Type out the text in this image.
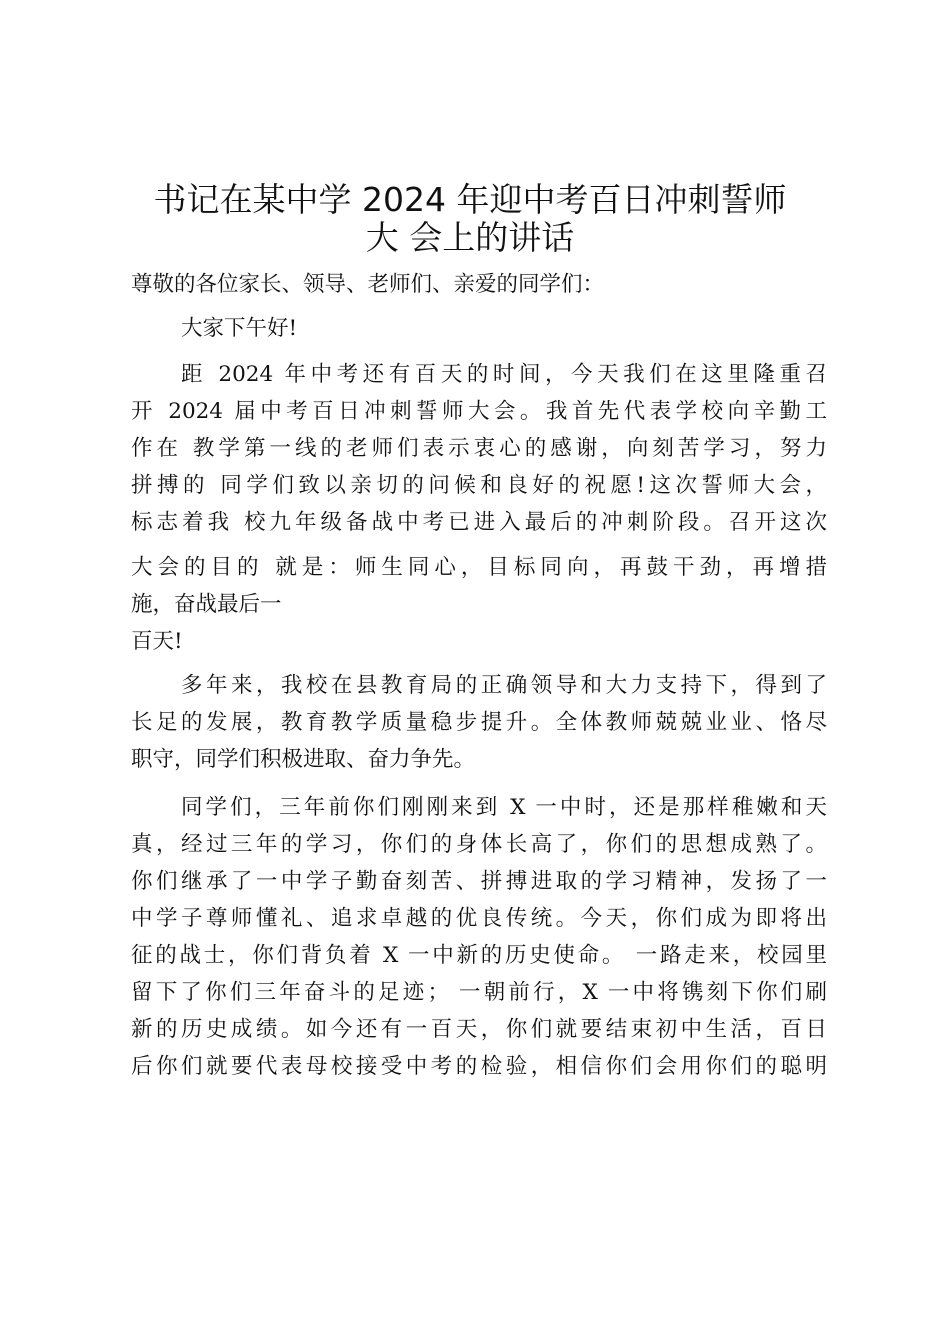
书记在某中学 2024 年迎中考百日冲刺誓师
大 会上的讲话
尊敬的各位家长、领导、老师们、亲爱的同学们：
大家下午好!
距 2024 年中考还有百天的时间，今天我们在这里隆重召
开 2024 届中考百日冲刺誓师大会。我首先代表学校向辛勤工
作在 教学第一线的老师们表示衷心的感谢，向刻苦学习，努力
拼搏的 同学们致以亲切的问候和良好的祝愿!这次誓师大会，
标志着我 校九年级备战中考已进入最后的冲刺阶段。召开这次
大会的目的 就是：师生同心，目标同向，再鼓干劲，再增措
施，奋战最后一
百天!
多年来，我校在县教育局的正确领导和大力支持下，得到了
长足的发展，教育教学质量稳步提升。全体教师兢兢业业、恪尽
职守，同学们积极进取、奋力争先。
同学们，三年前你们刚刚来到 X 一中时，还是那样稚嫩和天
真，经过三年的学习，你们的身体长高了，你们的思想成熟了。
你们继承了一中学子勤奋刻苦、拼搏进取的学习精神，发扬了一
中学子尊师懂礼、追求卓越的优良传统。今天，你们成为即将出
征的战士，你们背负着 X 一中新的历史使命。 一路走来，校园里
留下了你们三年奋斗的足迹； 一朝前行，X 一中将镌刻下你们刷
新的历史成绩。如今还有一百天，你们就要结束初中生活，百日
后你们就要代表母校接受中考的检验，相信你们会用你们的聪明
